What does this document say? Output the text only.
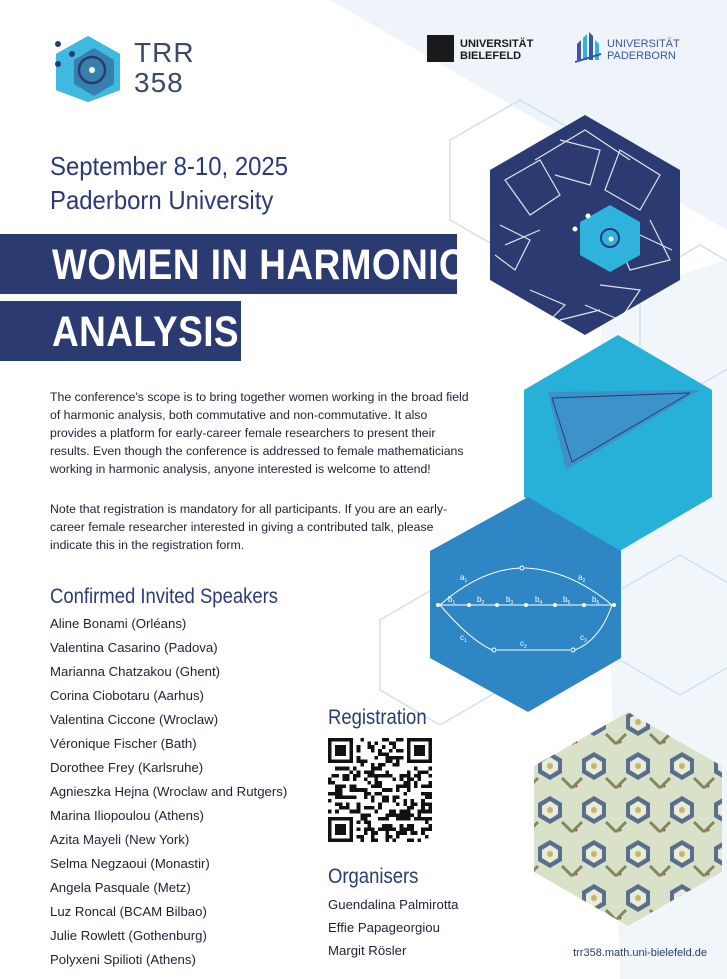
$a_1$	$a_2$
$b_1$	$b_2$	$b_3$	$b_4$	$b_5$	$b_6$
$c_1$	$c_2$
$c_3$
TRR
358
UNIVERSITÄT
BIELEFELD
UNIVERSITÄT
PADERBORN
September 8-10, 2025
Paderborn University
WOMEN IN HARMONIC
ANALYSIS

The conference's scope is to bring together women working in the broad field of harmonic analysis, both commutative and non-commutative. It also provides a platform for early-career female researchers to present their results. Even though the conference is addressed to female mathematicians working in harmonic analysis, anyone interested is welcome to attend!

Note that registration is mandatory for all participants. If you are an early-career female researcher interested in giving a contributed talk, please indicate this in the registration form.

Confirmed Invited Speakers
Aline Bonami (Orléans)
Valentina Casarino (Padova)
Marianna Chatzakou (Ghent)
Corina Ciobotaru (Aarhus)
Valentina Ciccone (Wroclaw)
Véronique Fischer (Bath)
Dorothee Frey (Karlsruhe)
Agnieszka Hejna (Wroclaw and Rutgers)
Marina Iliopoulou (Athens)
Azita Mayeli (New York)
Selma Negzaoui (Monastir)
Angela Pasquale (Metz)
Luz Roncal (BCAM Bilbao)
Julie Rowlett (Gothenburg)
Polyxeni Spilioti (Athens)
Registration
Organisers
Guendalina Palmirotta
Effie Papageorgiou
Margit Rösler	trr358.math.uni-bielefeld.de
